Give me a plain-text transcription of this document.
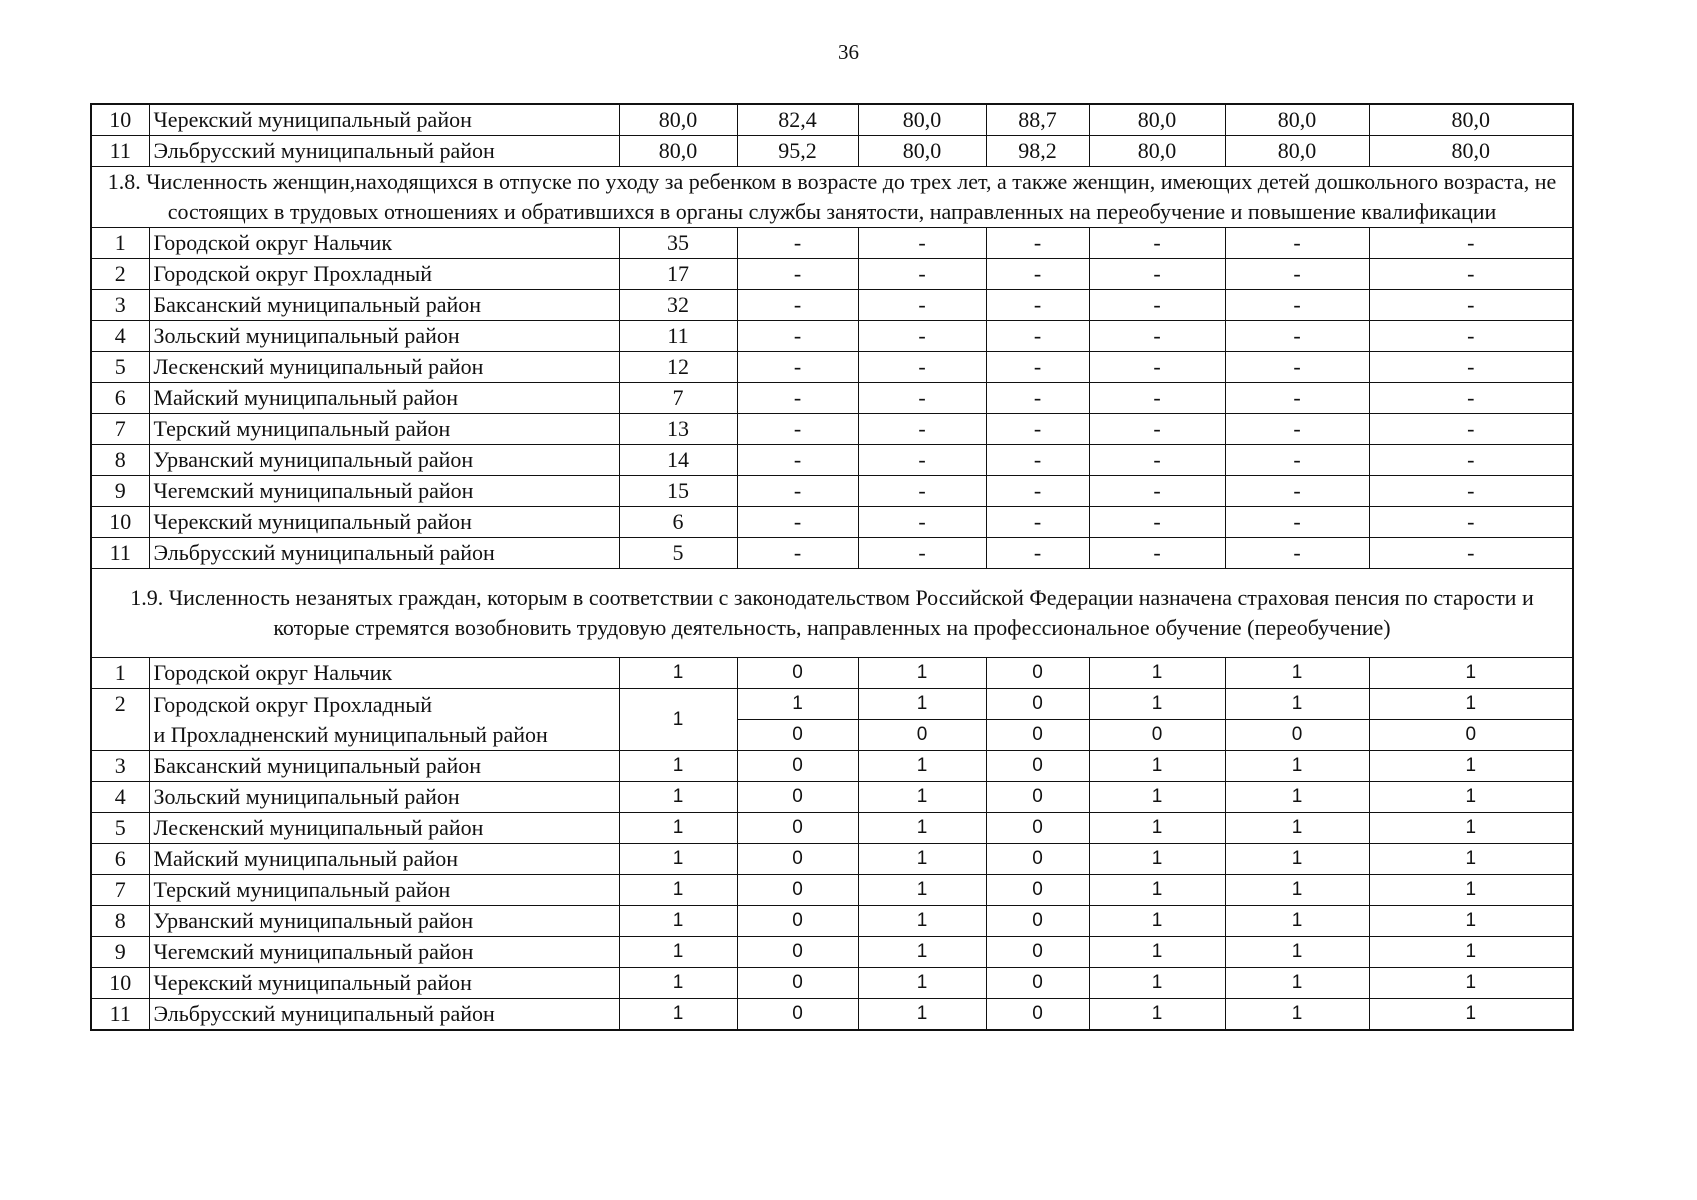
36
10	Черекский муниципальный район	80,0	82,4	80,0	88,7	80,0	80,0	80,0
11	Эльбрусский муниципальный район	80,0	95,2	80,0	98,2	80,0	80,0	80,0
1.8. Численность женщин,находящихся в отпуске по уходу за ребенком в возрасте до трех лет, а также женщин, имеющих детей дошкольного возраста, не состоящих в трудовых отношениях и обратившихся в органы службы занятости, направленных на переобучение и повышение квалификации								
1	Городской округ Нальчик	35	-	-	-	-	-	-
2	Городской округ Прохладный	17	-	-	-	-	-	-
3	Баксанский муниципальный район	32	-	-	-	-	-	-
4	Зольский муниципальный район	11	-	-	-	-	-	-
5	Лескенский муниципальный район	12	-	-	-	-	-	-
6	Майский муниципальный район	7	-	-	-	-	-	-
7	Терский муниципальный район	13	-	-	-	-	-	-
8	Урванский муниципальный район	14	-	-	-	-	-	-
9	Чегемский муниципальный район	15	-	-	-	-	-	-
10	Черекский муниципальный район	6	-	-	-	-	-	-
11	Эльбрусский муниципальный район	5	-	-	-	-	-	-
1.9. Численность незанятых граждан, которым в соответствии с законодательством Российской Федерации назначена страховая пенсия по старости и которые стремятся возобновить трудовую деятельность, направленных на профессиональное обучение (переобучение)								
1	Городской округ Нальчик	1	0	1	0	1	1	1
2	Городской округ Прохладный
и Прохладненский муниципальный район	1	1	1	0	1	1	1
			0	0	0	0	0	0
3	Баксанский муниципальный район	1	0	1	0	1	1	1
4	Зольский муниципальный район	1	0	1	0	1	1	1
5	Лескенский муниципальный район	1	0	1	0	1	1	1
6	Майский муниципальный район	1	0	1	0	1	1	1
7	Терский муниципальный район	1	0	1	0	1	1	1
8	Урванский муниципальный район	1	0	1	0	1	1	1
9	Чегемский муниципальный район	1	0	1	0	1	1	1
10	Черекский муниципальный район	1	0	1	0	1	1	1
11	Эльбрусский муниципальный район	1	0	1	0	1	1	1
